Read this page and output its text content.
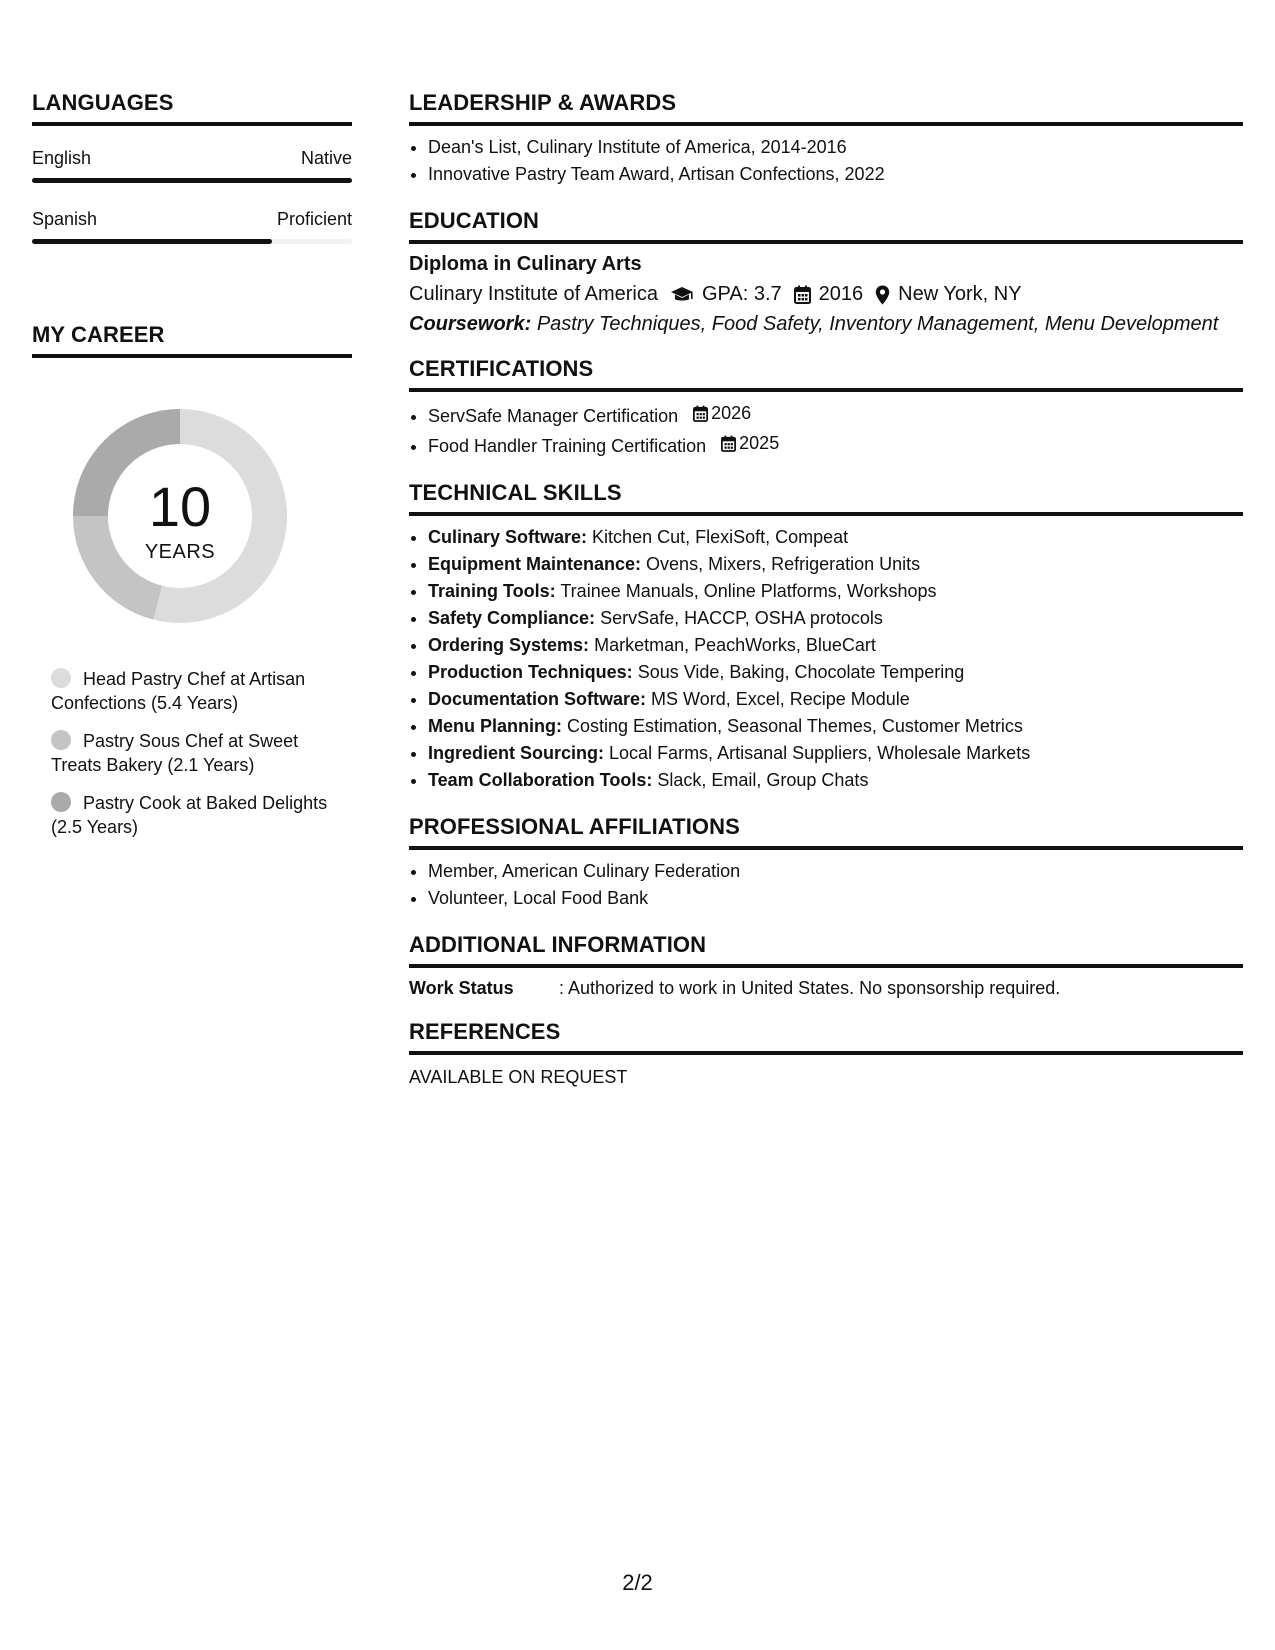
LANGUAGES
English	Native
Spanish	Proficient
MY CAREER
10
YEARS
Head Pastry Chef at Artisan Confections (5.4 Years)
Pastry Sous Chef at Sweet Treats Bakery (2.1 Years)
Pastry Cook at Baked Delights (2.5 Years)
LEADERSHIP & AWARDS
• Dean's List, Culinary Institute of America, 2014-2016
• Innovative Pastry Team Award, Artisan Confections, 2022
EDUCATION
Diploma in Culinary Arts
Culinary Institute of America GPA: 3.7 2016 New York, NY
Coursework: Pastry Techniques, Food Safety, Inventory Management, Menu Development
CERTIFICATIONS
• ServSafe Manager Certification 2026
• Food Handler Training Certification 2025
TECHNICAL SKILLS
• Culinary Software: Kitchen Cut, FlexiSoft, Compeat
• Equipment Maintenance: Ovens, Mixers, Refrigeration Units
• Training Tools: Trainee Manuals, Online Platforms, Workshops
• Safety Compliance: ServSafe, HACCP, OSHA protocols
• Ordering Systems: Marketman, PeachWorks, BlueCart
• Production Techniques: Sous Vide, Baking, Chocolate Tempering
• Documentation Software: MS Word, Excel, Recipe Module
• Menu Planning: Costing Estimation, Seasonal Themes, Customer Metrics
• Ingredient Sourcing: Local Farms, Artisanal Suppliers, Wholesale Markets
• Team Collaboration Tools: Slack, Email, Group Chats
PROFESSIONAL AFFILIATIONS
• Member, American Culinary Federation
• Volunteer, Local Food Bank
ADDITIONAL INFORMATION
Work Status	: Authorized to work in United States. No sponsorship required.
REFERENCES
AVAILABLE ON REQUEST
2/2
